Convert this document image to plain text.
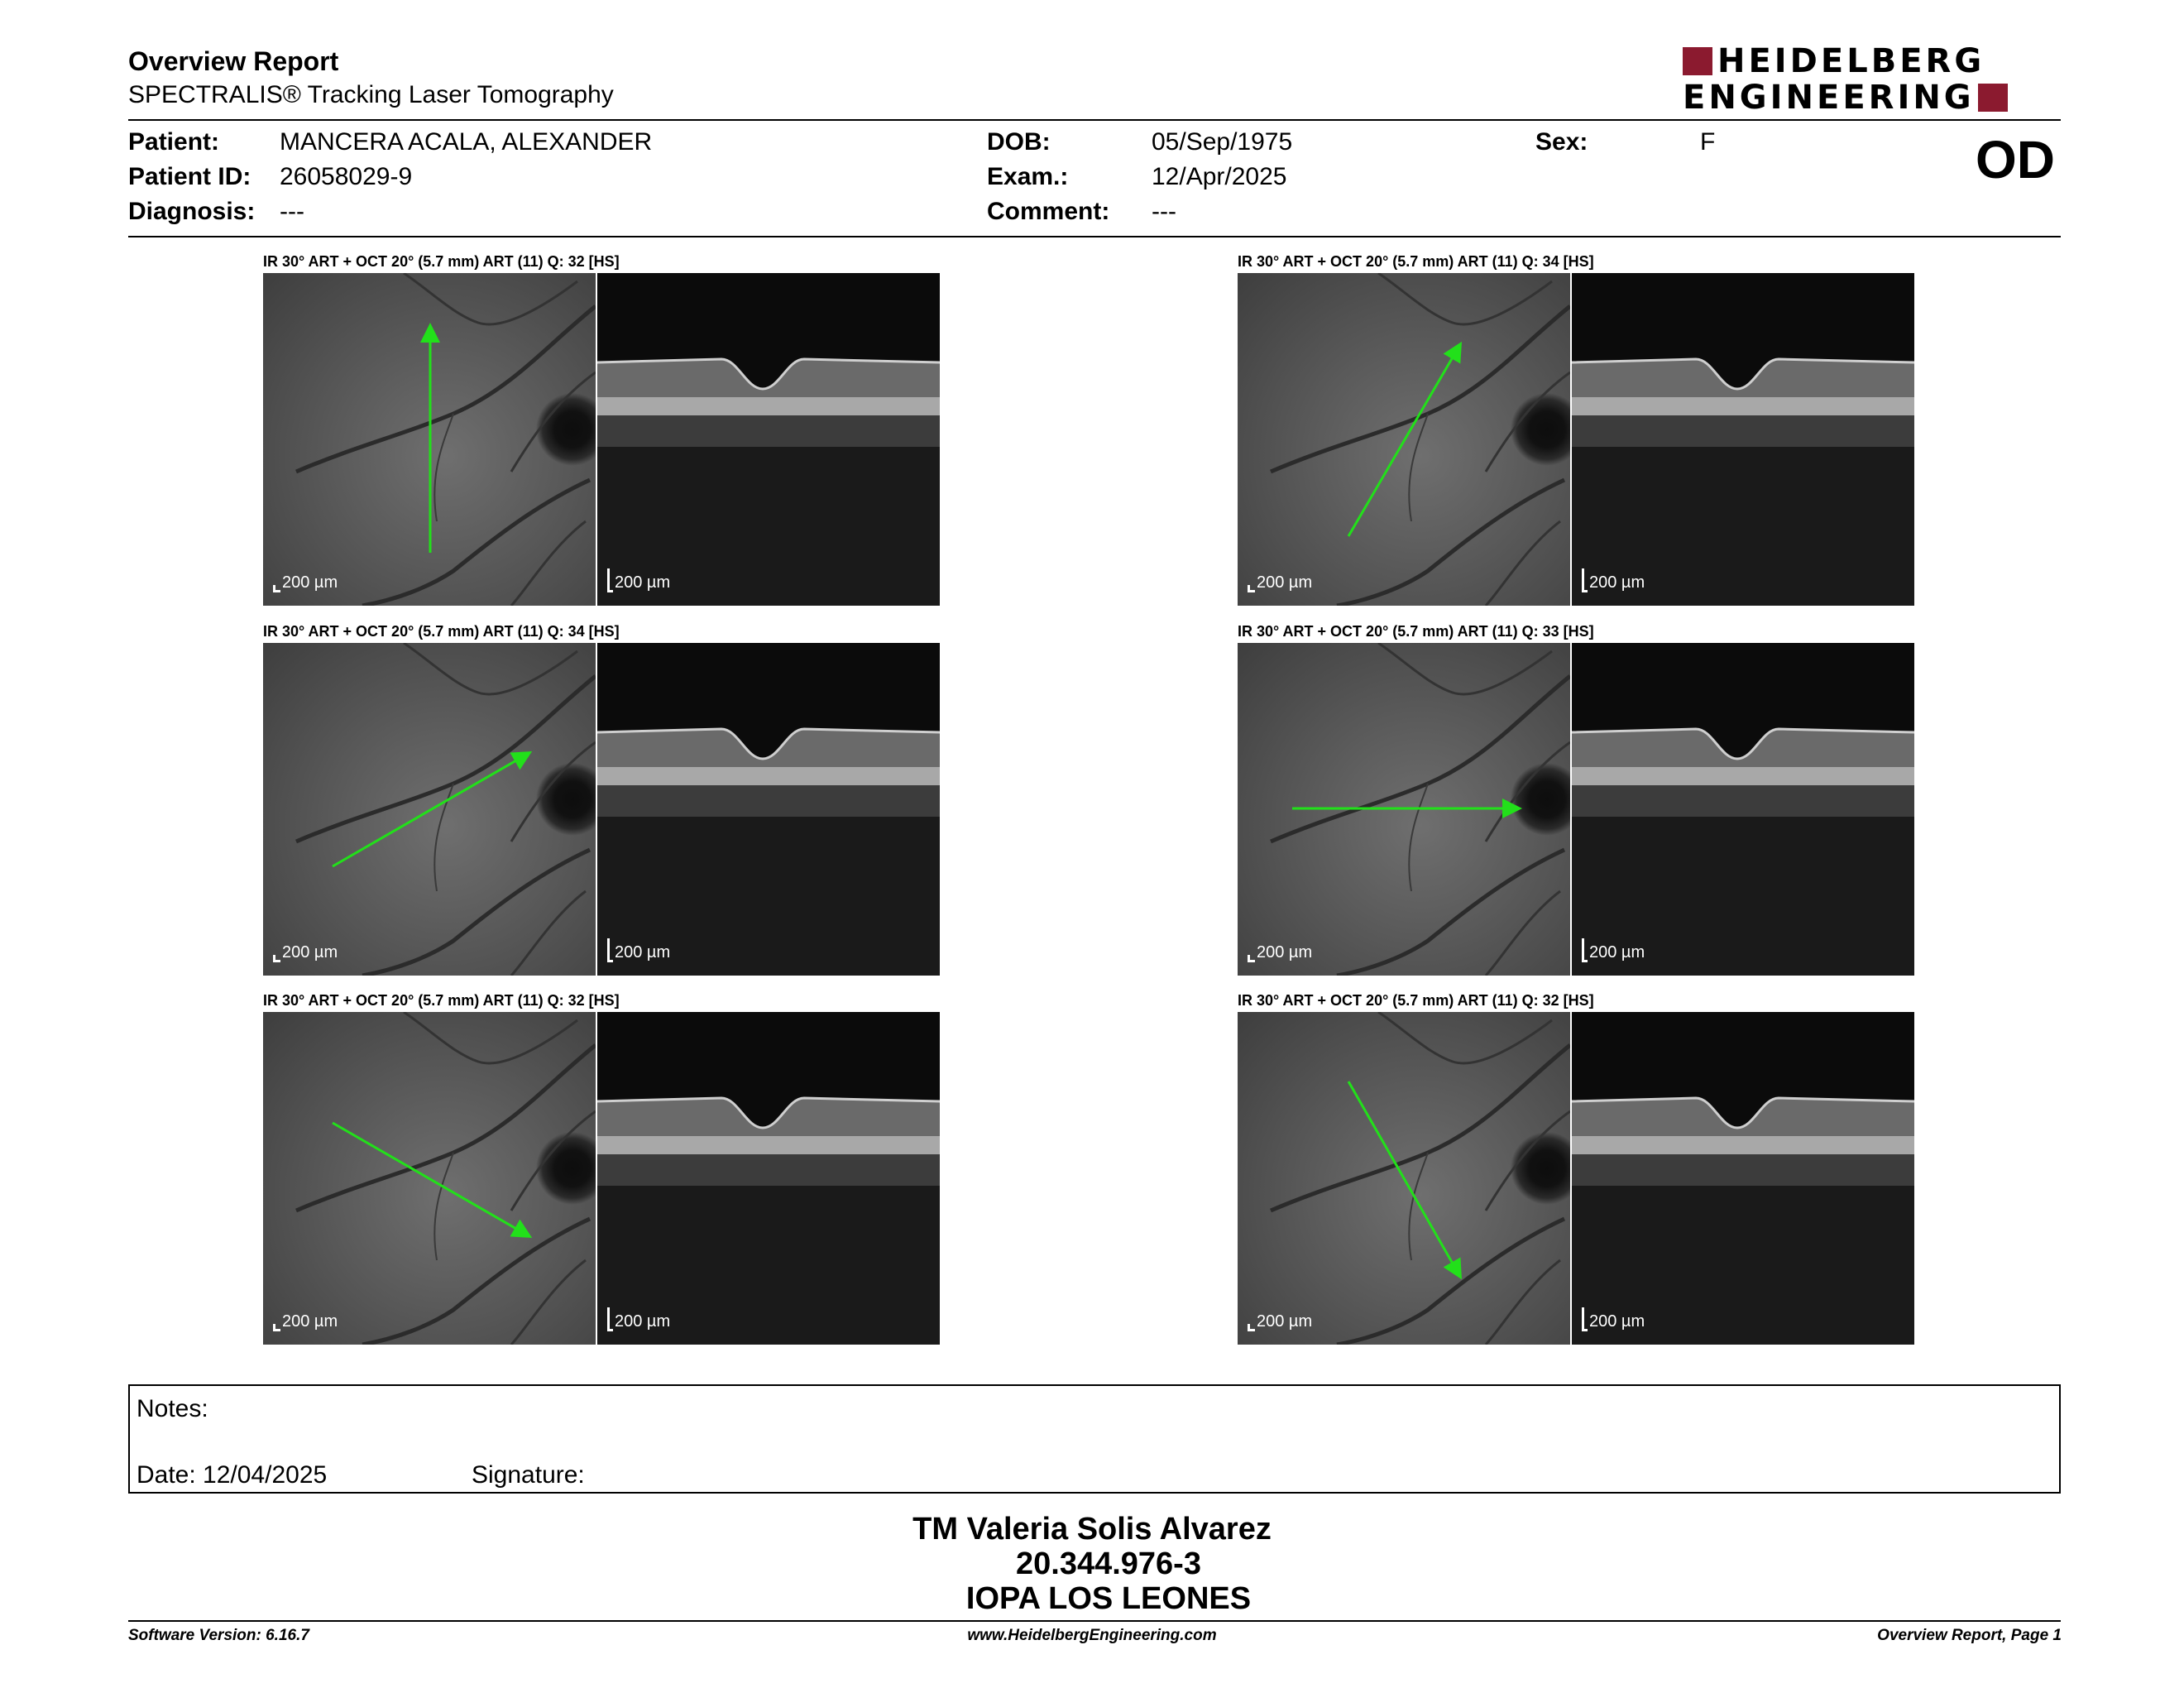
Overview Report
SPECTRALIS® Tracking Laser Tomography
HEIDELBERG
ENGINEERING
Patient: MANCERA ACALA, ALEXANDER
Patient ID: 26058029-9
Diagnosis: ---
DOB:	05/Sep/1975
Exam.:	12/Apr/2025
Comment: ---
Sex:	F	OD
Notes:
Date: 12/04/2025	Signature:
TM Valeria Solis Alvarez
20.344.976-3
IOPA LOS LEONES
Software Version: 6.16.7	www.HeidelbergEngineering.com	Overview Report, Page 1
IR 30° ART + OCT 20° (5.7 mm) ART (11) Q: 32 [HS]
200 µm	200 µm
IR 30° ART + OCT 20° (5.7 mm) ART (11) Q: 34 [HS]
200 µm	200 µm
IR 30° ART + OCT 20° (5.7 mm) ART (11) Q: 34 [HS]
200 µm	200 µm
IR 30° ART + OCT 20° (5.7 mm) ART (11) Q: 33 [HS]
200 µm	200 µm
IR 30° ART + OCT 20° (5.7 mm) ART (11) Q: 32 [HS]
200 µm	200 µm
IR 30° ART + OCT 20° (5.7 mm) ART (11) Q: 32 [HS]
200 µm	200 µm
